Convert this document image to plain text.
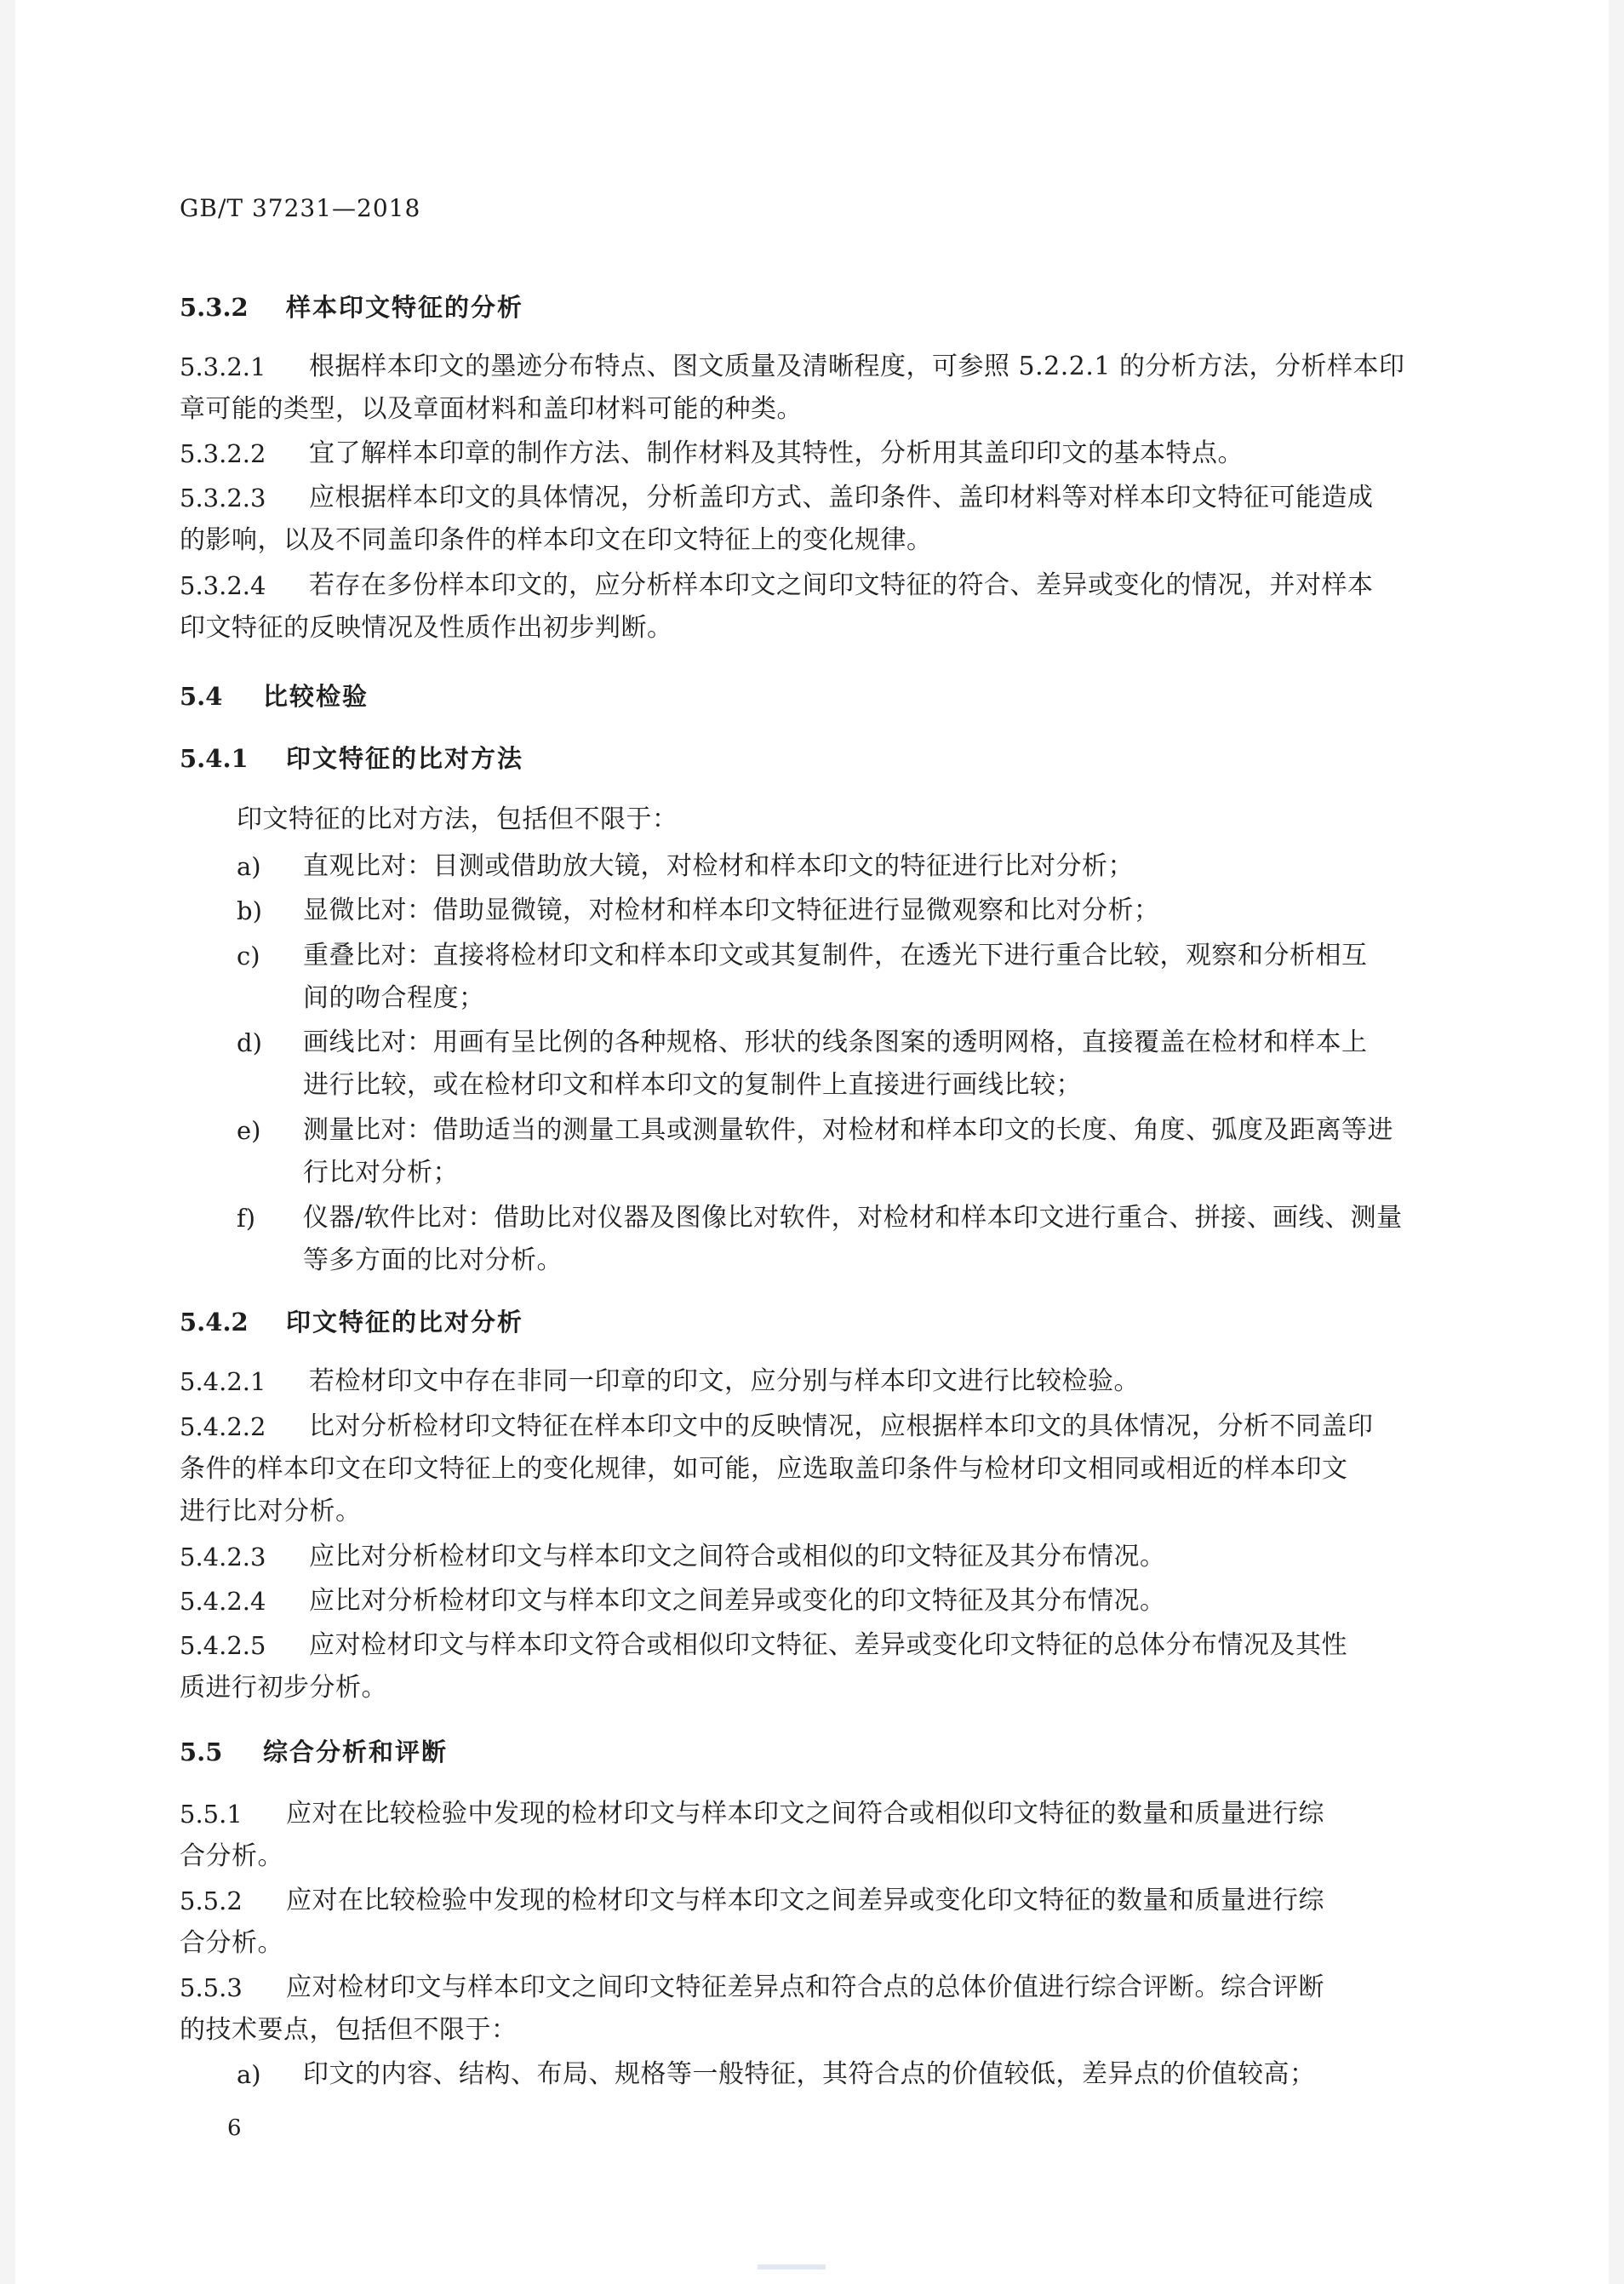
GB/T 37231—2018
5.3.2 样本印文特征的分析
5.3.2.1 根据样本印文的墨迹分布特点、图文质量及清晰程度，可参照 5.2.2.1 的分析方法，分析样本印
章可能的类型，以及章面材料和盖印材料可能的种类。
5.3.2.2 宜了解样本印章的制作方法、制作材料及其特性，分析用其盖印印文的基本特点。
5.3.2.3 应根据样本印文的具体情况，分析盖印方式、盖印条件、盖印材料等对样本印文特征可能造成
的影响，以及不同盖印条件的样本印文在印文特征上的变化规律。
5.3.2.4 若存在多份样本印文的，应分析样本印文之间印文特征的符合、差异或变化的情况，并对样本
印文特征的反映情况及性质作出初步判断。
5.4 比较检验
5.4.1 印文特征的比对方法
印文特征的比对方法，包括但不限于：
a) 直观比对：目测或借助放大镜，对检材和样本印文的特征进行比对分析；
b) 显微比对：借助显微镜，对检材和样本印文特征进行显微观察和比对分析；
c) 重叠比对：直接将检材印文和样本印文或其复制件，在透光下进行重合比较，观察和分析相互
间的吻合程度；
d) 画线比对：用画有呈比例的各种规格、形状的线条图案的透明网格，直接覆盖在检材和样本上
进行比较，或在检材印文和样本印文的复制件上直接进行画线比较；
e) 测量比对：借助适当的测量工具或测量软件，对检材和样本印文的长度、角度、弧度及距离等进
行比对分析；
f) 仪器/软件比对：借助比对仪器及图像比对软件，对检材和样本印文进行重合、拼接、画线、测量
等多方面的比对分析。
5.4.2 印文特征的比对分析
5.4.2.1 若检材印文中存在非同一印章的印文，应分别与样本印文进行比较检验。
5.4.2.2 比对分析检材印文特征在样本印文中的反映情况，应根据样本印文的具体情况，分析不同盖印
条件的样本印文在印文特征上的变化规律，如可能，应选取盖印条件与检材印文相同或相近的样本印文
进行比对分析。
5.4.2.3 应比对分析检材印文与样本印文之间符合或相似的印文特征及其分布情况。
5.4.2.4 应比对分析检材印文与样本印文之间差异或变化的印文特征及其分布情况。
5.4.2.5 应对检材印文与样本印文符合或相似印文特征、差异或变化印文特征的总体分布情况及其性
质进行初步分析。
5.5 综合分析和评断
5.5.1 应对在比较检验中发现的检材印文与样本印文之间符合或相似印文特征的数量和质量进行综
合分析。
5.5.2 应对在比较检验中发现的检材印文与样本印文之间差异或变化印文特征的数量和质量进行综
合分析。
5.5.3 应对检材印文与样本印文之间印文特征差异点和符合点的总体价值进行综合评断。综合评断
的技术要点，包括但不限于：
a) 印文的内容、结构、布局、规格等一般特征，其符合点的价值较低，差异点的价值较高；
6
